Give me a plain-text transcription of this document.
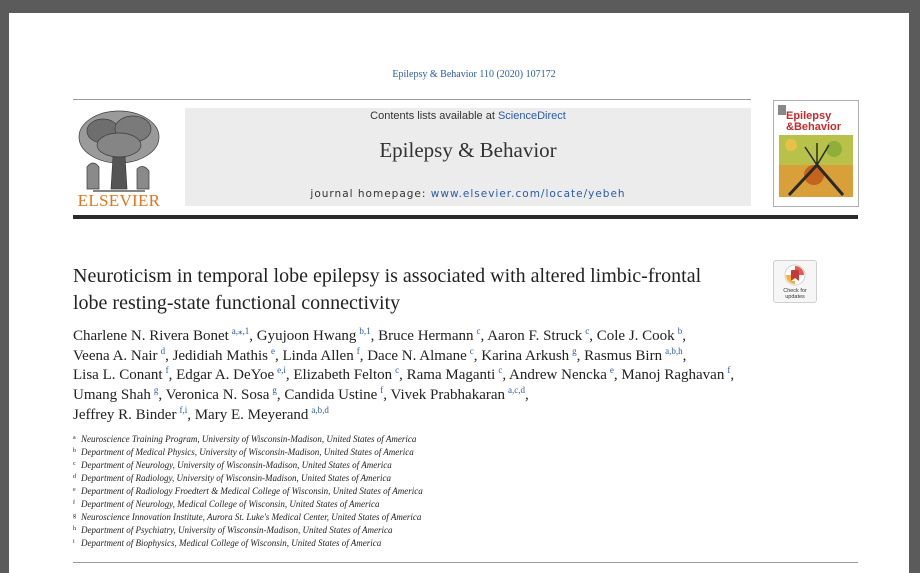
Epilepsy & Behavior 110 (2020) 107172
ELSEVIER
Contents lists available at ScienceDirect
Epilepsy & Behavior
journal homepage: www.elsevier.com/locate/yebeh
Epilepsy
&Behavior
Neuroticism in temporal lobe epilepsy is associated with altered limbic-frontal lobe resting-state functional connectivity
Check for
updates
Charlene N. Rivera Bonet $^{a,⁎,1}$, Gyujoon Hwang $^{b,1}$, Bruce Hermann $^c$, Aaron F. Struck $^c$, Cole J. Cook $^b$,
Veena A. Nair $^d$, Jedidiah Mathis $^e$, Linda Allen $^f$, Dace N. Almane $^c$, Karina Arkush $^g$, Rasmus Birn $^{a,b,h}$,
Lisa L. Conant $^f$, Edgar A. DeYoe $^{e,i}$, Elizabeth Felton $^c$, Rama Maganti $^c$, Andrew Nencka $^e$, Manoj Raghavan $^f$,
Umang Shah $^g$, Veronica N. Sosa $^g$, Candida Ustine $^f$, Vivek Prabhakaran $^{a,c,d}$,
Jeffrey R. Binder $^{f,i}$, Mary E. Meyerand $^{a,b,d}$
a Neuroscience Training Program, University of Wisconsin-Madison, United States of America
b Department of Medical Physics, University of Wisconsin-Madison, United States of America
c Department of Neurology, University of Wisconsin-Madison, United States of America
d Department of Radiology, University of Wisconsin-Madison, United States of America
e Department of Radiology Froedtert & Medical College of Wisconsin, United States of America
f Department of Neurology, Medical College of Wisconsin, United States of America
g Neuroscience Innovation Institute, Aurora St. Luke's Medical Center, United States of America
h Department of Psychiatry, University of Wisconsin-Madison, United States of America
i Department of Biophysics, Medical College of Wisconsin, United States of America
